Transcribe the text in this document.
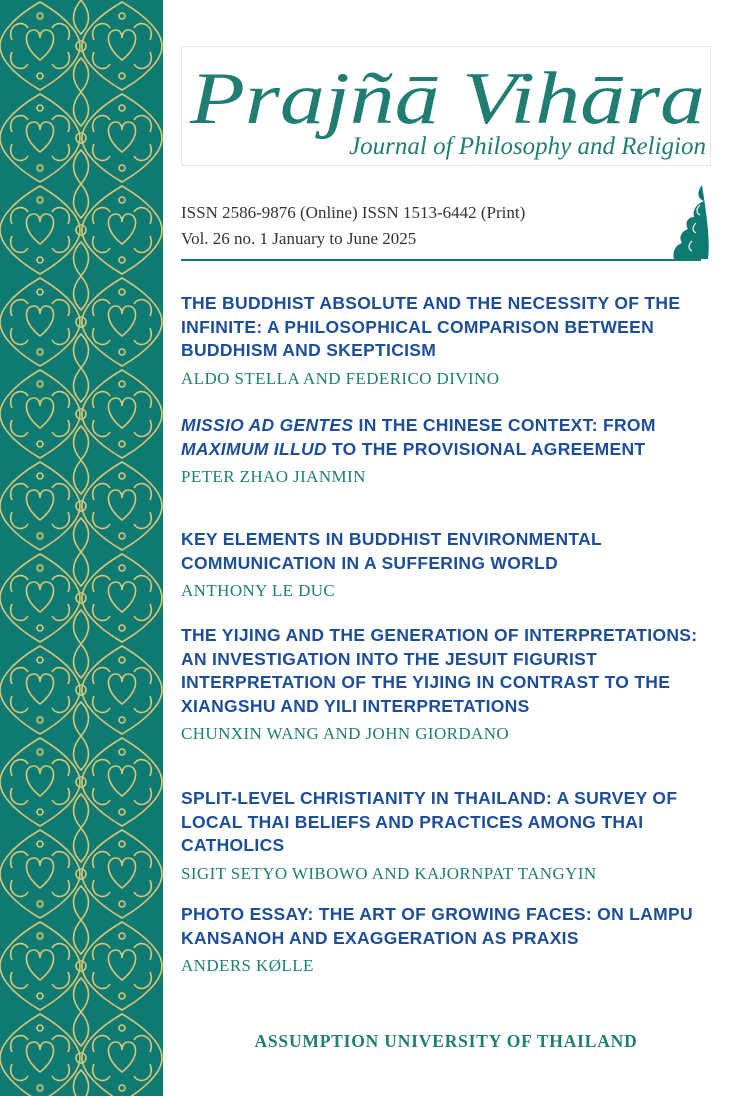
Prajñā Vihāra
Journal of Philosophy and Religion
ISSN 2586-9876 (Online) ISSN 1513-6442 (Print)
Vol. 26 no. 1 January to June 2025
THE BUDDHIST ABSOLUTE AND THE NECESSITY OF THE INFINITE: A PHILOSOPHICAL COMPARISON BETWEEN BUDDHISM AND SKEPTICISM
ALDO STELLA AND FEDERICO DIVINO
MISSIO AD GENTES IN THE CHINESE CONTEXT: FROM MAXIMUM ILLUD TO THE PROVISIONAL AGREEMENT
PETER ZHAO JIANMIN
KEY ELEMENTS IN BUDDHIST ENVIRONMENTAL COMMUNICATION IN A SUFFERING WORLD
ANTHONY LE DUC
THE YIJING AND THE GENERATION OF INTERPRETATIONS: AN INVESTIGATION INTO THE JESUIT FIGURIST INTERPRETATION OF THE YIJING IN CONTRAST TO THE XIANGSHU AND YILI INTERPRETATIONS
CHUNXIN WANG AND JOHN GIORDANO
SPLIT-LEVEL CHRISTIANITY IN THAILAND: A SURVEY OF LOCAL THAI BELIEFS AND PRACTICES AMONG THAI CATHOLICS
SIGIT SETYO WIBOWO AND KAJORNPAT TANGYIN
PHOTO ESSAY: THE ART OF GROWING FACES: ON LAMPU KANSANOH AND EXAGGERATION AS PRAXIS
ANDERS KØLLE
ASSUMPTION UNIVERSITY OF THAILAND
